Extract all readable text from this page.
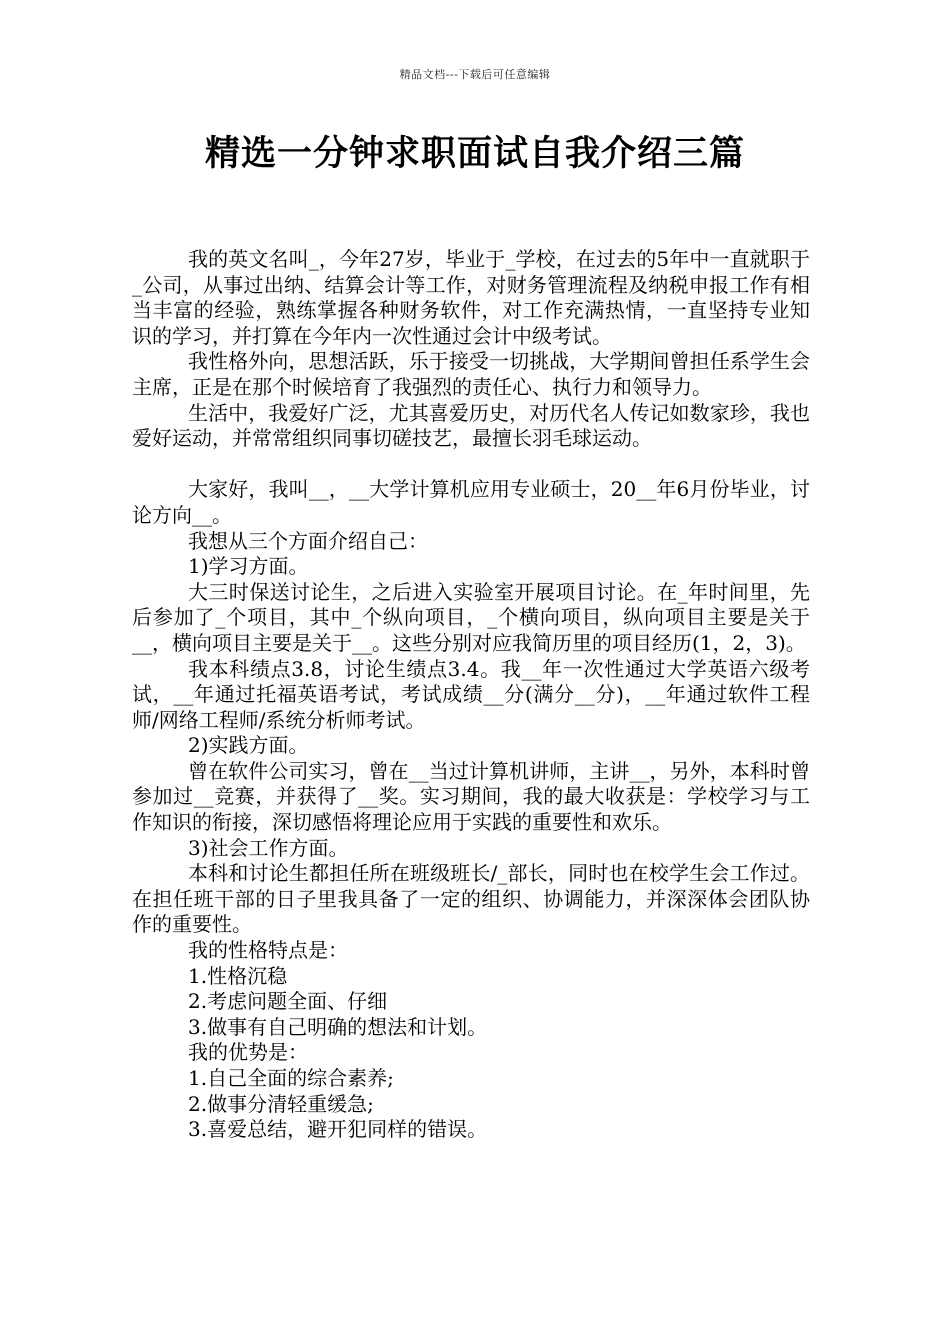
精品文档---下载后可任意编辑
精选一分钟求职面试自我介绍三篇

我的英文名叫_，今年27岁，毕业于_学校，在过去的5年中一直就职于_公司，从事过出纳、结算会计等工作，对财务管理流程及纳税申报工作有相当丰富的经验，熟练掌握各种财务软件，对工作充满热情，一直坚持专业知识的学习，并打算在今年内一次性通过会计中级考试。

我性格外向，思想活跃，乐于接受一切挑战，大学期间曾担任系学生会主席，正是在那个时候培育了我强烈的责任心、执行力和领导力。

生活中，我爱好广泛，尤其喜爱历史，对历代名人传记如数家珍，我也爱好运动，并常常组织同事切磋技艺，最擅长羽毛球运动。

大家好，我叫__，__大学计算机应用专业硕士，20__年6月份毕业，讨论方向__。

我想从三个方面介绍自己：

1)学习方面。

大三时保送讨论生，之后进入实验室开展项目讨论。在_年时间里，先后参加了_个项目，其中_个纵向项目，_个横向项目，纵向项目主要是关于__，横向项目主要是关于__。这些分别对应我简历里的项目经历(1，2，3)。

我本科绩点3.8，讨论生绩点3.4。我__年一次性通过大学英语六级考试，__年通过托福英语考试，考试成绩__分(满分__分)，__年通过软件工程师/网络工程师/系统分析师考试。

2)实践方面。

曾在软件公司实习，曾在__当过计算机讲师，主讲__，另外，本科时曾参加过__竞赛，并获得了__奖。实习期间，我的最大收获是：学校学习与工作知识的衔接，深切感悟将理论应用于实践的重要性和欢乐。

3)社会工作方面。

本科和讨论生都担任所在班级班长/_部长，同时也在校学生会工作过。在担任班干部的日子里我具备了一定的组织、协调能力，并深深体会团队协作的重要性。

我的性格特点是：

1.性格沉稳

2.考虑问题全面、仔细

3.做事有自己明确的想法和计划。

我的优势是：

1.自己全面的综合素养;

2.做事分清轻重缓急;

3.喜爱总结，避开犯同样的错误。
